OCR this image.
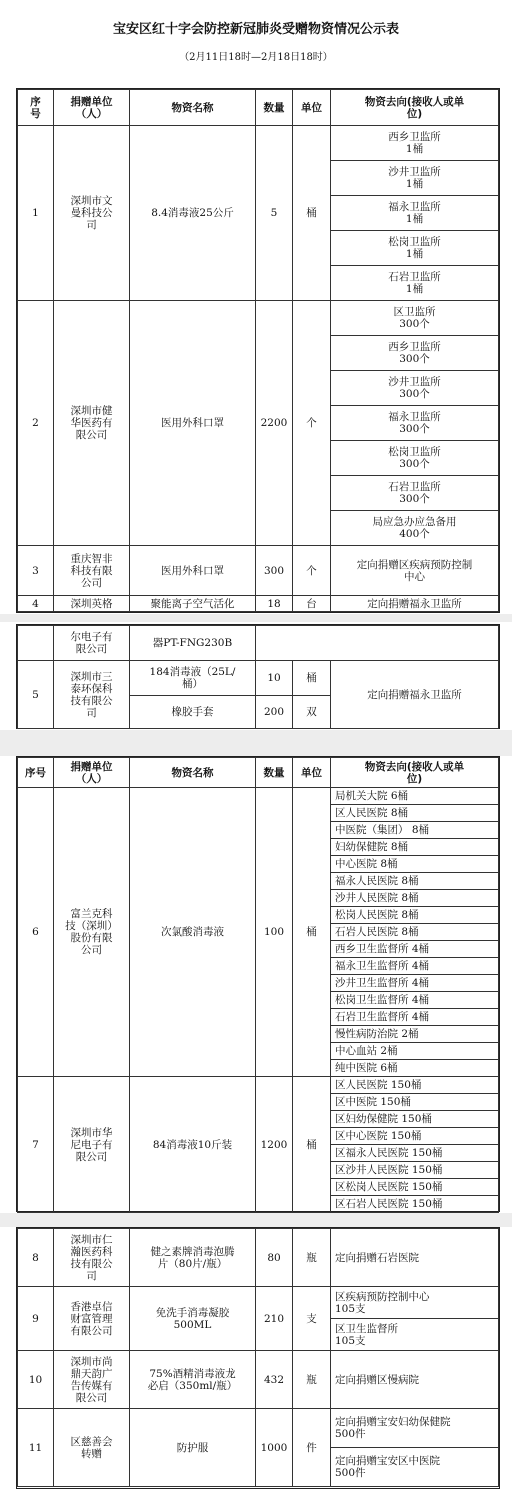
宝安区红十字会防控新冠肺炎受赠物资情况公示表
（2月11日18时—2月18日18时）
序
号	捐赠单位
（人）	物资名称	数量	单位	物资去向(接收人或单
位)
1	深圳市文
曼科技公
司	8.4消毒液25公斤	5	桶	西乡卫监所
1桶
					沙井卫监所
1桶
					福永卫监所
1桶
					松岗卫监所
1桶
					石岩卫监所
1桶
2	深圳市健
华医药有
限公司	医用外科口罩	2200	个	区卫监所
300个
					西乡卫监所
300个
					沙井卫监所
300个
					福永卫监所
300个
					松岗卫监所
300个
					石岩卫监所
300个
					局应急办应急备用
400个
3	重庆智非
科技有限
公司	医用外科口罩	300	个	定向捐赠区疾病预防控制
中心
4	深圳英格	聚能离子空气活化	18	台	定向捐赠福永卫监所
	尔电子有
限公司	器PT-FNG230B			
5	深圳市三
泰环保科
技有限公
司	184消毒液（25L/
桶）	10	桶	定向捐赠福永卫监所
		橡胶手套	200	双	
序号	捐赠单位
（人）	物资名称	数量	单位	物资去向(接收人或单
位)
6	富兰克科
技（深圳）
股份有限
公司	次氯酸消毒液	100	桶	局机关大院 6桶
					区人民医院 8桶
					中医院（集团） 8桶
					妇幼保健院 8桶
					中心医院 8桶
					福永人民医院 8桶
					沙井人民医院 8桶
					松岗人民医院 8桶
					石岩人民医院 8桶
					西乡卫生监督所 4桶
					福永卫生监督所 4桶
					沙井卫生监督所 4桶
					松岗卫生监督所 4桶
					石岩卫生监督所 4桶
					慢性病防治院 2桶
					中心血站 2桶
					纯中医院 6桶
7	深圳市华
尼电子有
限公司	84消毒液10斤装	1200	桶	区人民医院 150桶
					区中医院 150桶
					区妇幼保健院 150桶
					区中心医院 150桶
					区福永人民医院 150桶
					区沙井人民医院 150桶
					区松岗人民医院 150桶
					区石岩人民医院 150桶
8	深圳市仁
瀚医药科
技有限公
司	健之素牌消毒泡腾
片（80片/瓶）	80	瓶	定向捐赠石岩医院
9	香港卓信
财富管理
有限公司	免洗手消毒凝胶
500ML	210	支	区疾病预防控制中心
105支
					区卫生监督所
105支
10	深圳市尚
鼎天韵广
告传媒有
限公司	75%酒精消毒液龙
必启（350ml/瓶）	432	瓶	定向捐赠区慢病院
11	区慈善会
转赠	防护服	1000	件	定向捐赠宝安妇幼保健院
500件
					定向捐赠宝安区中医院
500件
